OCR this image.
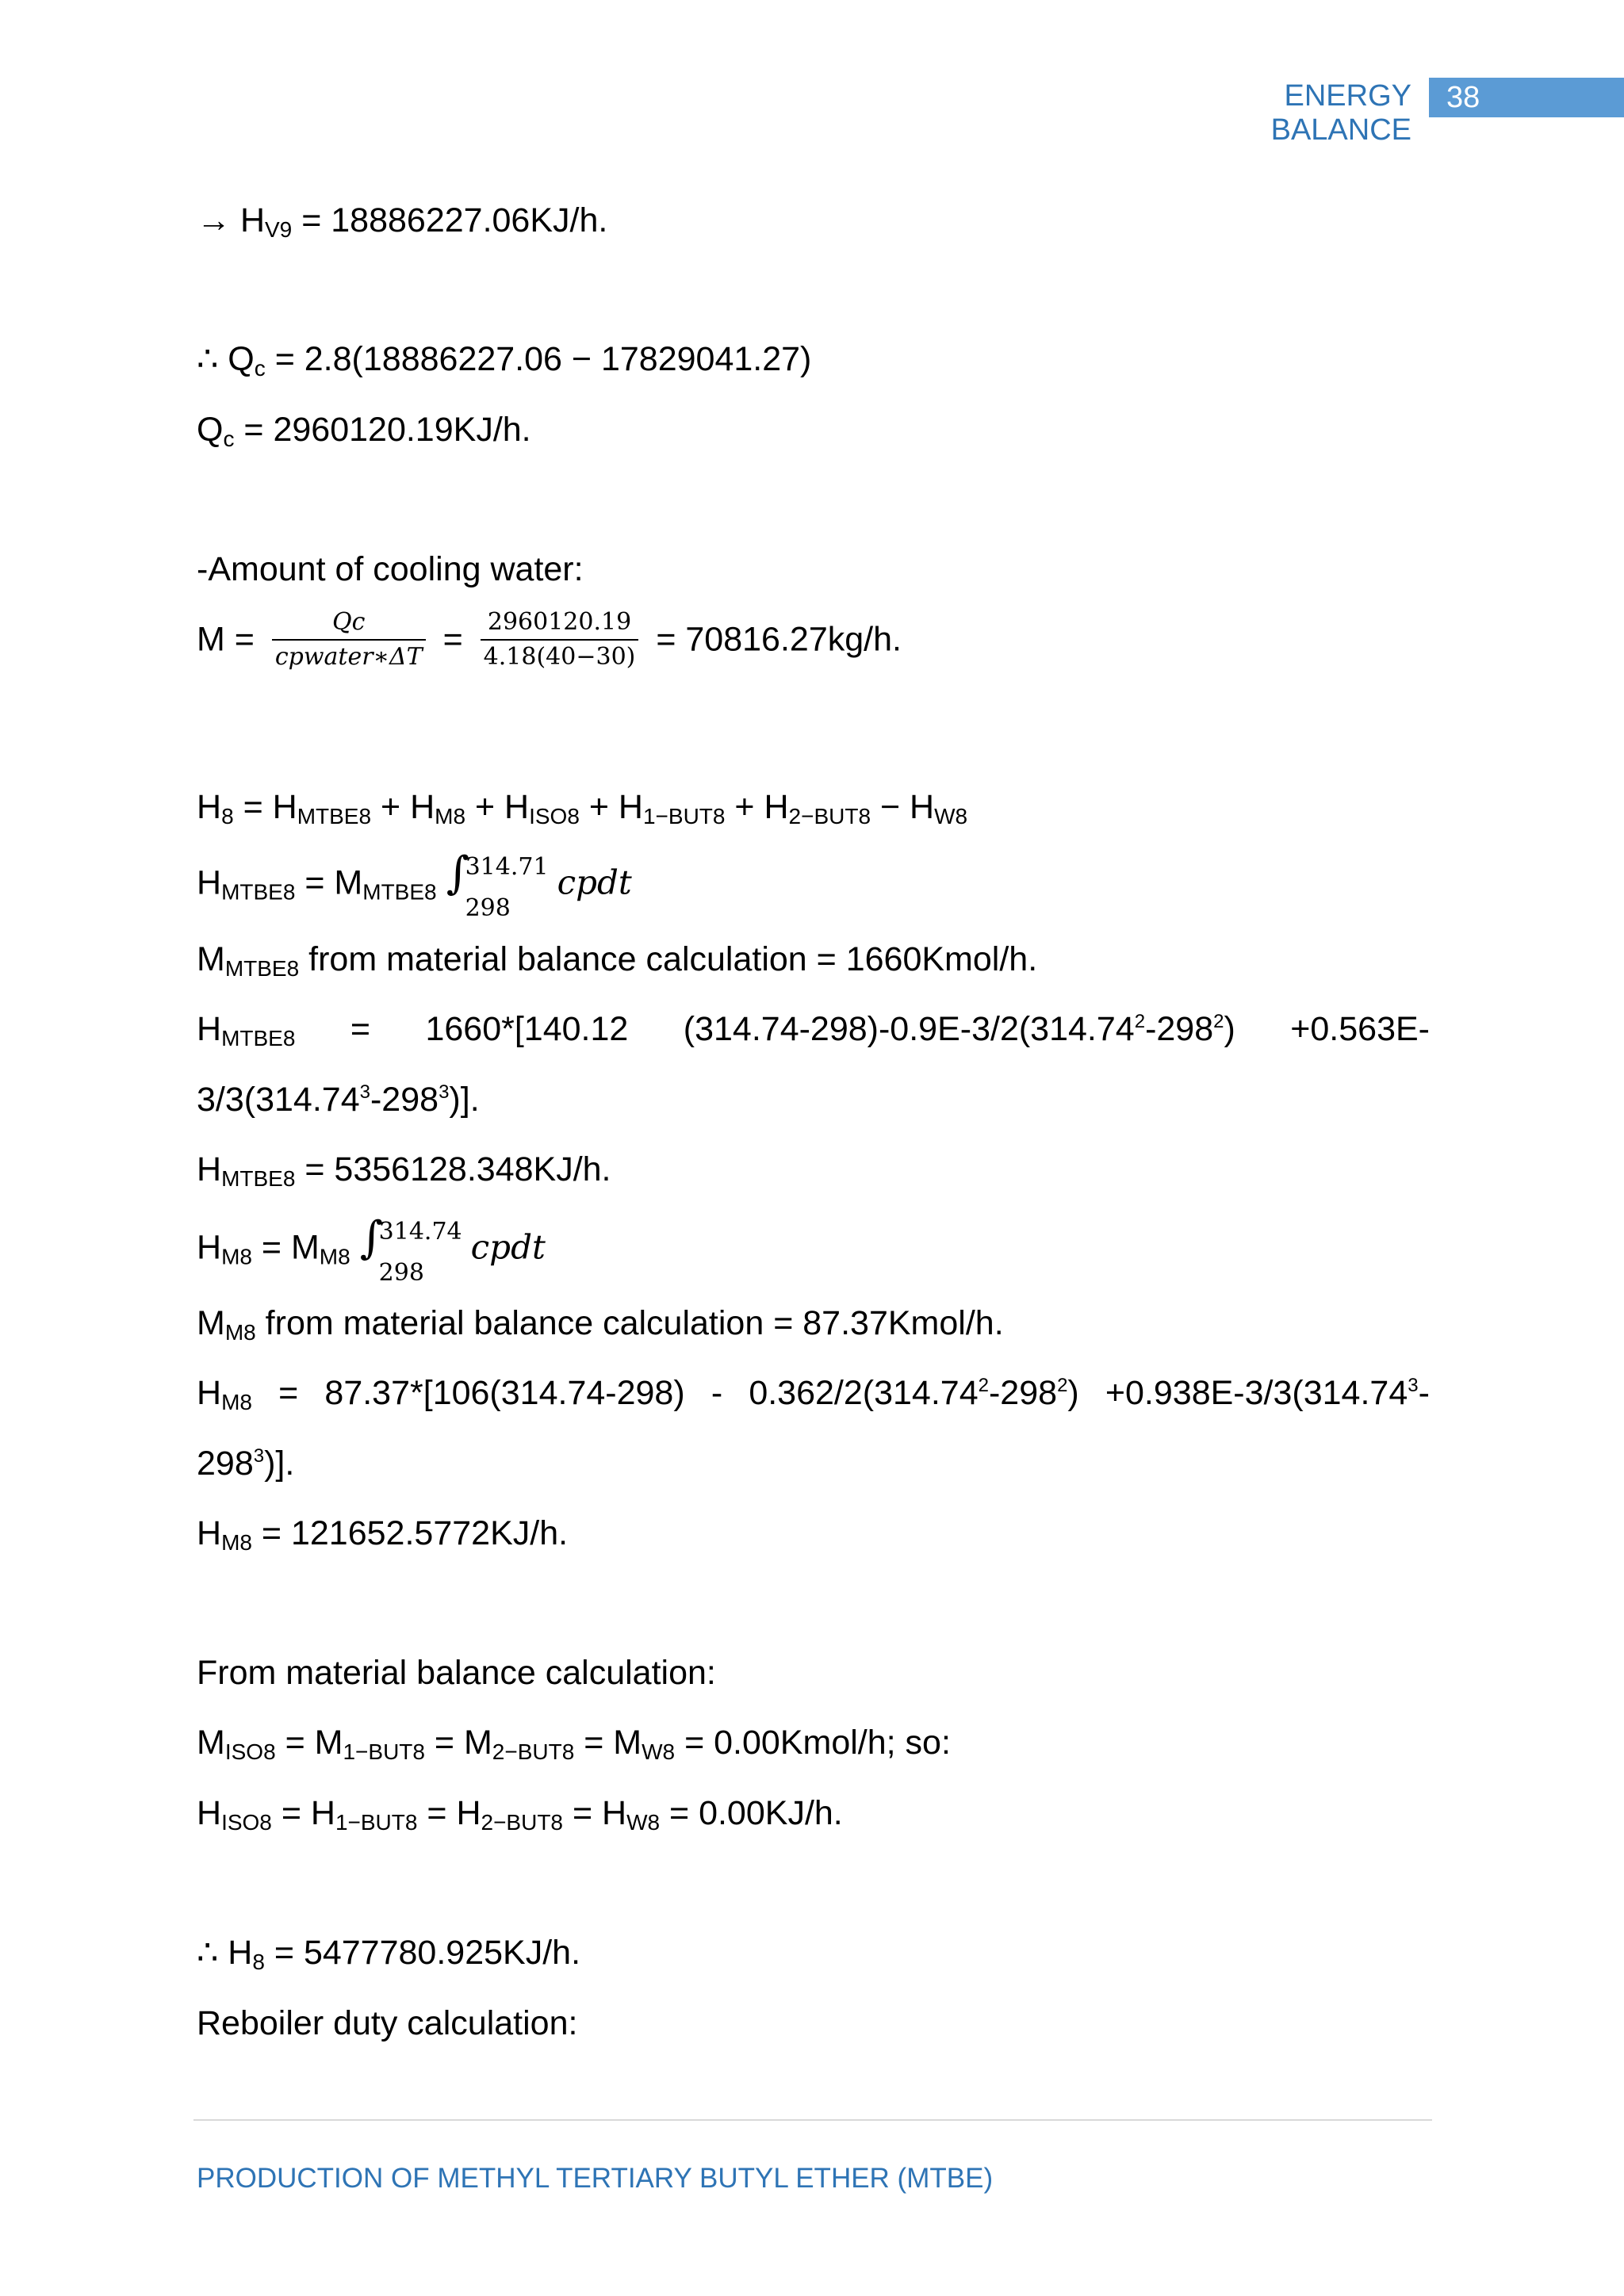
ENERGY BALANCE
38
→ $H_{V9} = 18886227.06KJ/h$.
∴ $Q_c = 2.8(18886227.06 - 17829041.27)$
$Q_c = 2960120.19KJ/h$.
-Amount of cooling water:
$M = \frac{Qc}{\text{cpwater∗ΔT}} = \frac{2960120.19}{4.18(40-30)} = 70816.27kg/h$.
$H_8 = H_{MTBE8} + H_{M8} + H_{ISO8} + H_{1-BUT8} + H_{2-BUT8} - H_{W8}$
$H_{MTBE8} = M_{MTBE8}$ ∫
314.71
298
cpdt
$M_{MTBE8}$ from material balance calculation = 1660Kmol/h.
$H_{MTBE8} = 1660*[140.12$ $(314.74-298)-0.9E-3/2(314.74^2-298^2) +0.563E-$
$3/3(314.74^3-298^3)$].
$H_{MTBE8} = 5356128.348KJ/h$.
$H_{M8} = M_{M8}$ ∫
314.74
298
cpdt
$M_{M8}$ from material balance calculation = 87.37Kmol/h.
$H_{M8} = 87.37*[106(314.74-298) - 0.362/2(314.74^2-298^2) +0.938E-3/3(314.74^3-$
$298^3$)].
$H_{M8} = 121652.5772KJ/h$.
From material balance calculation:
$M_{ISO8} = M_{1-BUT8} = M_{2-BUT8} = M_{W8}$ = 0.00Kmol/h; so:
$H_{ISO8} = H_{1-BUT8} = H_{2-BUT8} = H_{W8} = 0.00KJ/h$.
∴ $H_8 = 5477780.925KJ/h$.
Reboiler duty calculation:
PRODUCTION OF METHYL TERTIARY BUTYL ETHER (MTBE)
